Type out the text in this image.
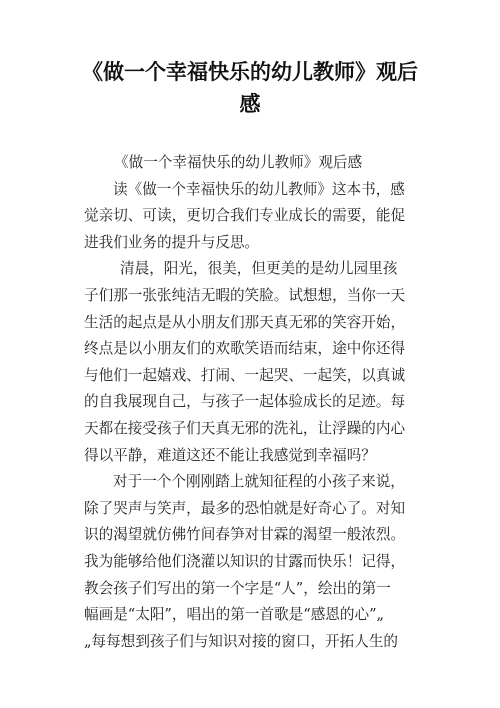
《做一个幸福快乐的幼儿教师》观后
感

《做一个幸福快乐的幼儿教师》观后感

读《做一个幸福快乐的幼儿教师》这本书，感
觉亲切、可读，更切合我们专业成长的需要，能促
进我们业务的提升与反思。

清晨，阳光，很美，但更美的是幼儿园里孩
子们那一张张纯洁无暇的笑脸。试想想，当你一天
生活的起点是从小朋友们那天真无邪的笑容开始，
终点是以小朋友们的欢歌笑语而结束，途中你还得
与他们一起嬉戏、打闹、一起哭、一起笑，以真诚
的自我展现自己，与孩子一起体验成长的足迹。每
天都在接受孩子们天真无邪的洗礼，让浮躁的内心
得以平静，难道这还不能让我感觉到幸福吗？

对于一个个刚刚踏上就知征程的小孩子来说，
除了哭声与笑声，最多的恐怕就是好奇心了。对知
识的渴望就仿佛竹间春笋对甘霖的渴望一般浓烈。
我为能够给他们浇灌以知识的甘露而快乐！记得，
教会孩子们写出的第一个字是“人”，绘出的第一
幅画是“太阳”，唱出的第一首歌是“感恩的心”„
„每每想到孩子们与知识对接的窗口，开拓人生的
